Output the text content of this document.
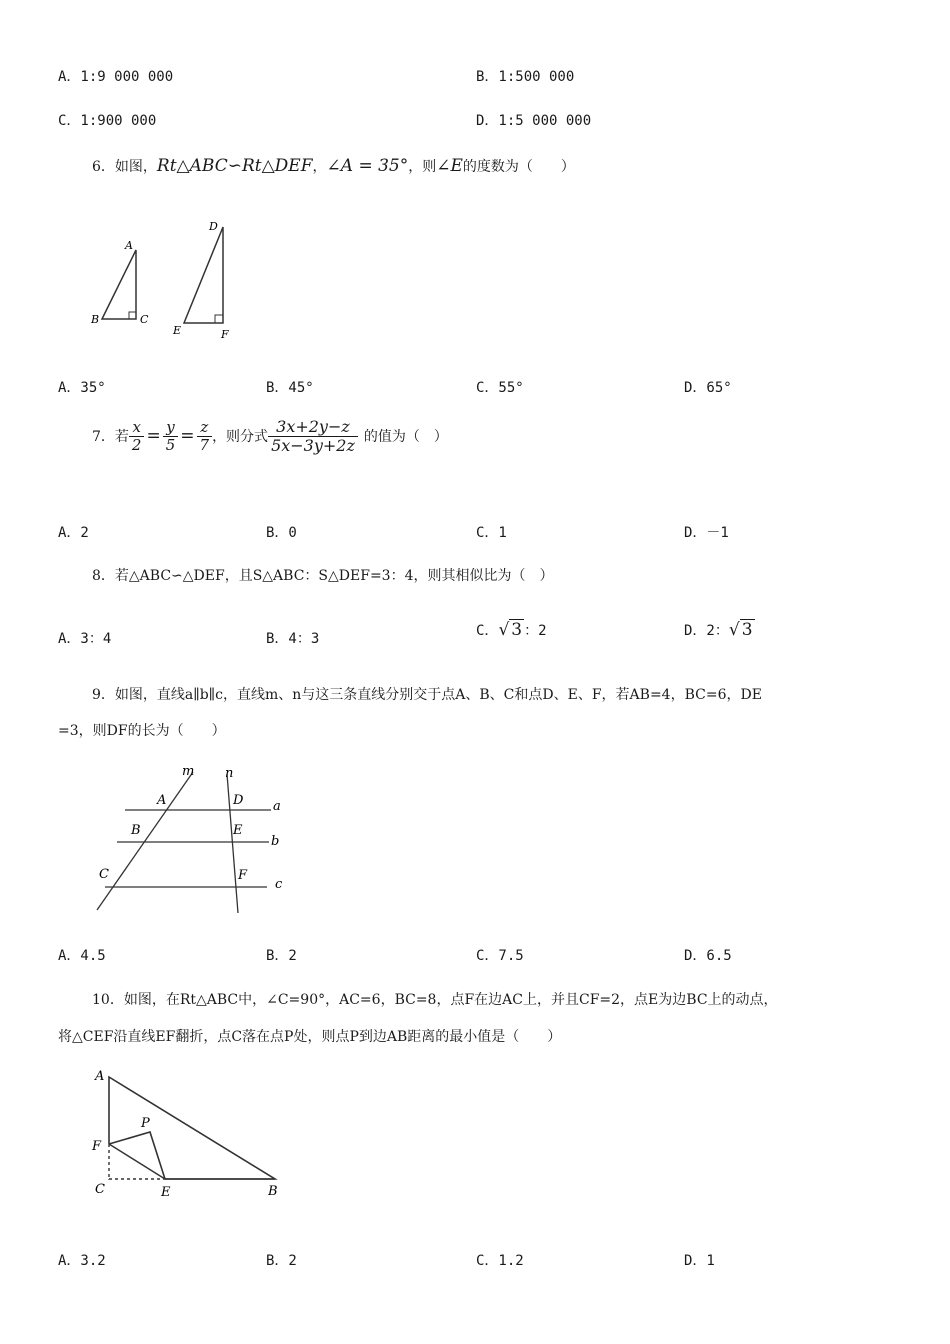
A．1:9 000 000	B．1:500 000
C．1:900 000	D．1:5 000 000
6．如图，Rt△ABC∽Rt△DEF，∠A = 35°，则∠E的度数为（　　）
A
B	C
D
E	F
A．35°	B．45°	C．55°	D．65°
7．若 $\frac{x}{2} = \frac{y}{5} = \frac{z}{7}$ ，则分式 $\frac{3x+2y-z}{5x-3y+2z}$ 的值为（　）
A．2	B．0	C．1	D．－1
8．若△ABC∽△DEF，且S△ABC：S△DEF=3：4，则其相似比为（　）
A．3：4	B．4：3	C．√ 3 ：2	D．2：√ 3
9．如图，直线a∥b∥c，直线m、n与这三条直线分别交于点A、B、C和点D、E、F，若AB=4，BC=6，DE
=3，则DF的长为（　　）
m n
A	D a
B	E
b
C	F
c
A．4.5	B．2	C．7.5	D．6.5
10．如图，在Rt△ABC中，∠C=90°，AC=6，BC=8，点F在边AC上，并且CF=2，点E为边BC上的动点，
将△CEF沿直线EF翻折，点C落在点P处，则点P到边AB距离的最小值是（　　）
A
F
P
C	E	B
A．3.2	B．2	C．1.2	D．1
